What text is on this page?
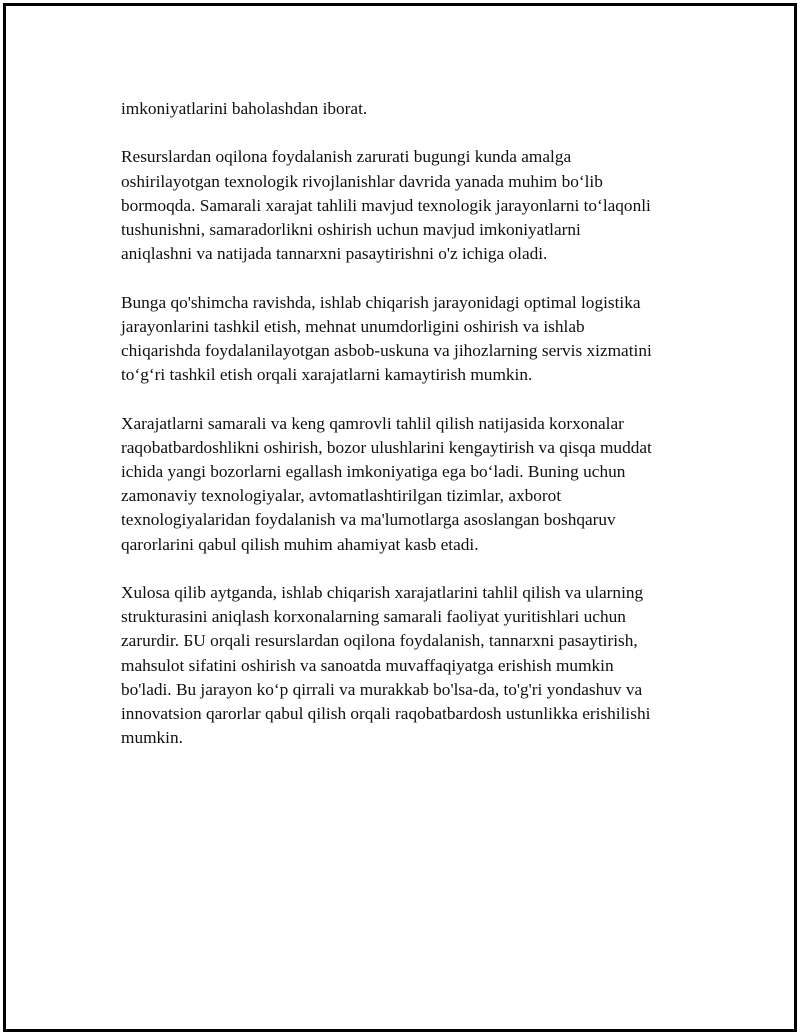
imkoniyatlarini baholashdan iborat.

Resurslardan oqilona foydalanish zarurati bugungi kunda amalga
oshirilayotgan texnologik rivojlanishlar davrida yanada muhim boʻlib
bormoqda. Samarali xarajat tahlili mavjud texnologik jarayonlarni toʻlaqonli
tushunishni, samaradorlikni oshirish uchun mavjud imkoniyatlarni
aniqlashni va natijada tannarxni pasaytirishni o'z ichiga oladi.

Bunga qo'shimcha ravishda, ishlab chiqarish jarayonidagi optimal logistika
jarayonlarini tashkil etish, mehnat unumdorligini oshirish va ishlab
chiqarishda foydalanilayotgan asbob-uskuna va jihozlarning servis xizmatini
toʻgʻri tashkil etish orqali xarajatlarni kamaytirish mumkin.

Xarajatlarni samarali va keng qamrovli tahlil qilish natijasida korxonalar
raqobatbardoshlikni oshirish, bozor ulushlarini kengaytirish va qisqa muddat
ichida yangi bozorlarni egallash imkoniyatiga ega boʻladi. Buning uchun
zamonaviy texnologiyalar, avtomatlashtirilgan tizimlar, axborot
texnologiyalaridan foydalanish va ma'lumotlarga asoslangan boshqaruv
qarorlarini qabul qilish muhim ahamiyat kasb etadi.

Xulosa qilib aytganda, ishlab chiqarish xarajatlarini tahlil qilish va ularning
strukturasini aniqlash korxonalarning samarali faoliyat yuritishlari uchun
zarurdir. БU orqali resurslardan oqilona foydalanish, tannarxni pasaytirish,
mahsulot sifatini oshirish va sanoatda muvaffaqiyatga erishish mumkin
bo'ladi. Bu jarayon koʻp qirrali va murakkab bo'lsa-da, to'g'ri yondashuv va
innovatsion qarorlar qabul qilish orqali raqobatbardosh ustunlikka erishilishi
mumkin.
